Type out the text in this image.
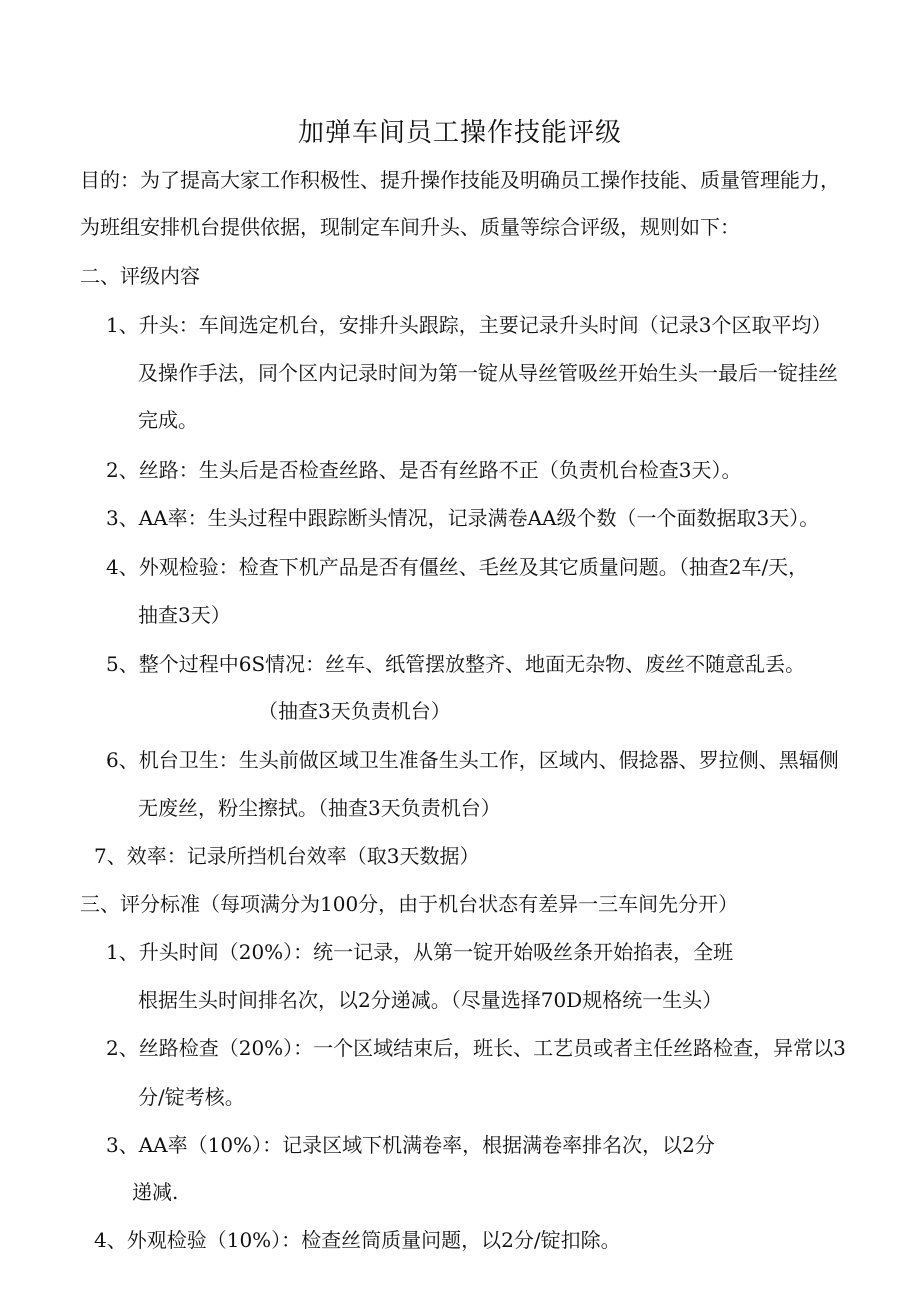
加弹车间员工操作技能评级
目的：为了提高大家工作积极性、提升操作技能及明确员工操作技能、质量管理能力，
为班组安排机台提供依据，现制定车间升头、质量等综合评级，规则如下：
二、评级内容
1、升头：车间选定机台，安排升头跟踪，主要记录升头时间（记录3个区取平均）
及操作手法，同个区内记录时间为第一锭从导丝管吸丝开始生头一最后一锭挂丝
完成。
2、丝路：生头后是否检查丝路、是否有丝路不正（负责机台检查3天）。
3、AA率：生头过程中跟踪断头情况，记录满卷AA级个数（一个面数据取3天）。
4、外观检验：检查下机产品是否有僵丝、毛丝及其它质量问题。（抽查2车/天，
抽查3天）
5、整个过程中6S情况：丝车、纸管摆放整齐、地面无杂物、废丝不随意乱丢。
（抽查3天负责机台）
6、机台卫生：生头前做区域卫生准备生头工作，区域内、假捻器、罗拉侧、黑辐侧
无废丝，粉尘擦拭。（抽查3天负责机台）
7、效率：记录所挡机台效率（取3天数据）
三、评分标准（每项满分为100分，由于机台状态有差异一三车间先分开）
1、升头时间（20%）：统一记录，从第一锭开始吸丝条开始掐表，全班
根据生头时间排名次，以2分递减。（尽量选择70D规格统一生头）
2、丝路检查（20%）：一个区域结束后，班长、工艺员或者主任丝路检查，异常以3
分/锭考核。
3、AA率（10%）：记录区域下机满卷率，根据满卷率排名次，以2分
递减.
4、外观检验（10%）：检查丝筒质量问题，以2分/锭扣除。
